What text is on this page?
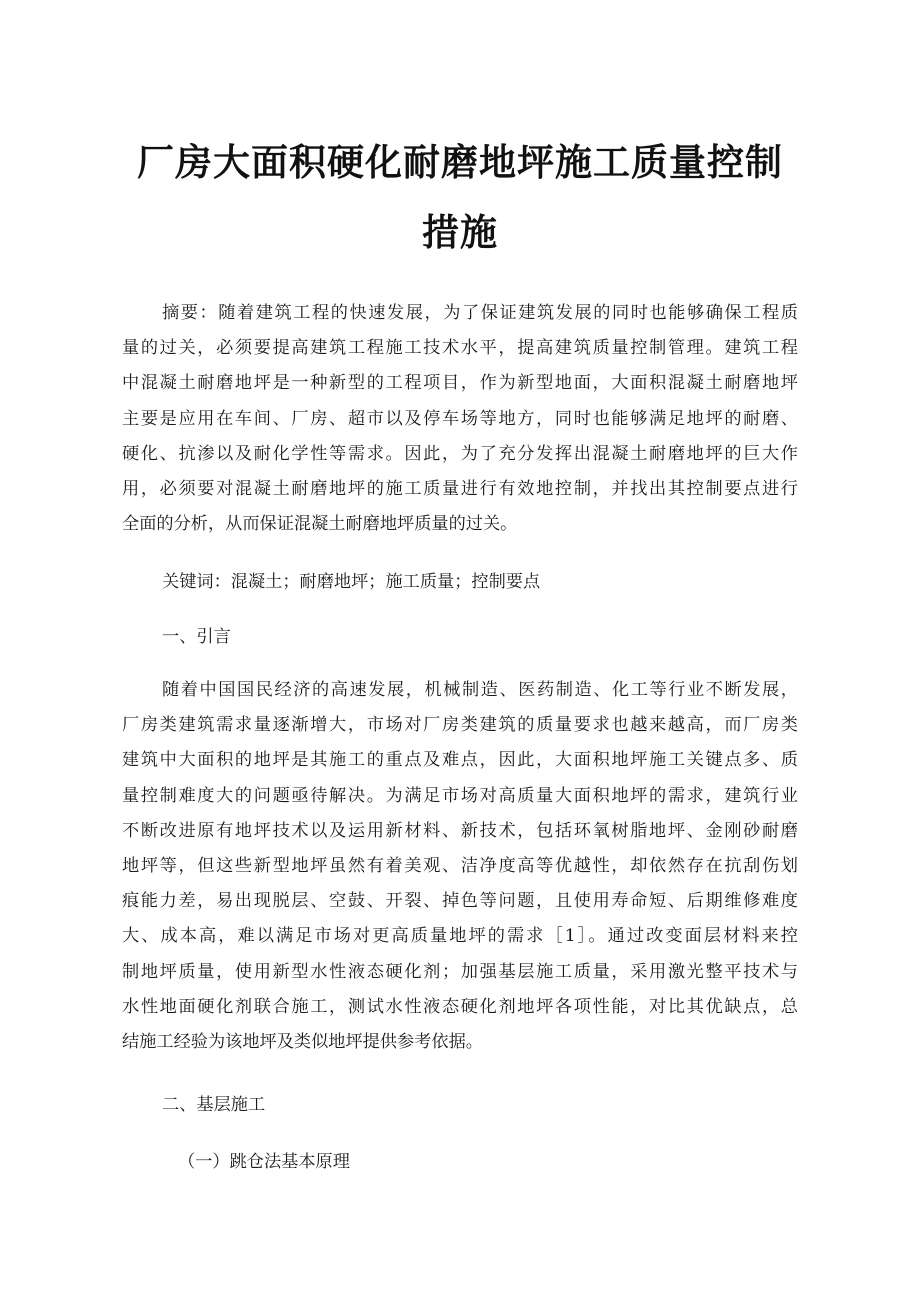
厂房大面积硬化耐磨地坪施工质量控制
措施
摘要：随着建筑工程的快速发展，为了保证建筑发展的同时也能够确保工程质
量的过关，必须要提高建筑工程施工技术水平，提高建筑质量控制管理。建筑工程
中混凝土耐磨地坪是一种新型的工程项目，作为新型地面，大面积混凝土耐磨地坪
主要是应用在车间、厂房、超市以及停车场等地方，同时也能够满足地坪的耐磨、
硬化、抗渗以及耐化学性等需求。因此，为了充分发挥出混凝土耐磨地坪的巨大作
用，必须要对混凝土耐磨地坪的施工质量进行有效地控制，并找出其控制要点进行
全面的分析，从而保证混凝土耐磨地坪质量的过关。

关键词：混凝土；耐磨地坪；施工质量；控制要点

一、引言

随着中国国民经济的高速发展，机械制造、医药制造、化工等行业不断发展，
厂房类建筑需求量逐渐增大，市场对厂房类建筑的质量要求也越来越高，而厂房类
建筑中大面积的地坪是其施工的重点及难点，因此，大面积地坪施工关键点多、质
量控制难度大的问题亟待解决。为满足市场对高质量大面积地坪的需求，建筑行业
不断改进原有地坪技术以及运用新材料、新技术，包括环氧树脂地坪、金刚砂耐磨
地坪等，但这些新型地坪虽然有着美观、洁净度高等优越性，却依然存在抗刮伤划
痕能力差，易出现脱层、空鼓、开裂、掉色等问题，且使用寿命短、后期维修难度
大、成本高，难以满足市场对更高质量地坪的需求［1］。通过改变面层材料来控
制地坪质量，使用新型水性液态硬化剂；加强基层施工质量，采用激光整平技术与
水性地面硬化剂联合施工，测试水性液态硬化剂地坪各项性能，对比其优缺点，总
结施工经验为该地坪及类似地坪提供参考依据。

二、基层施工

（一）跳仓法基本原理
